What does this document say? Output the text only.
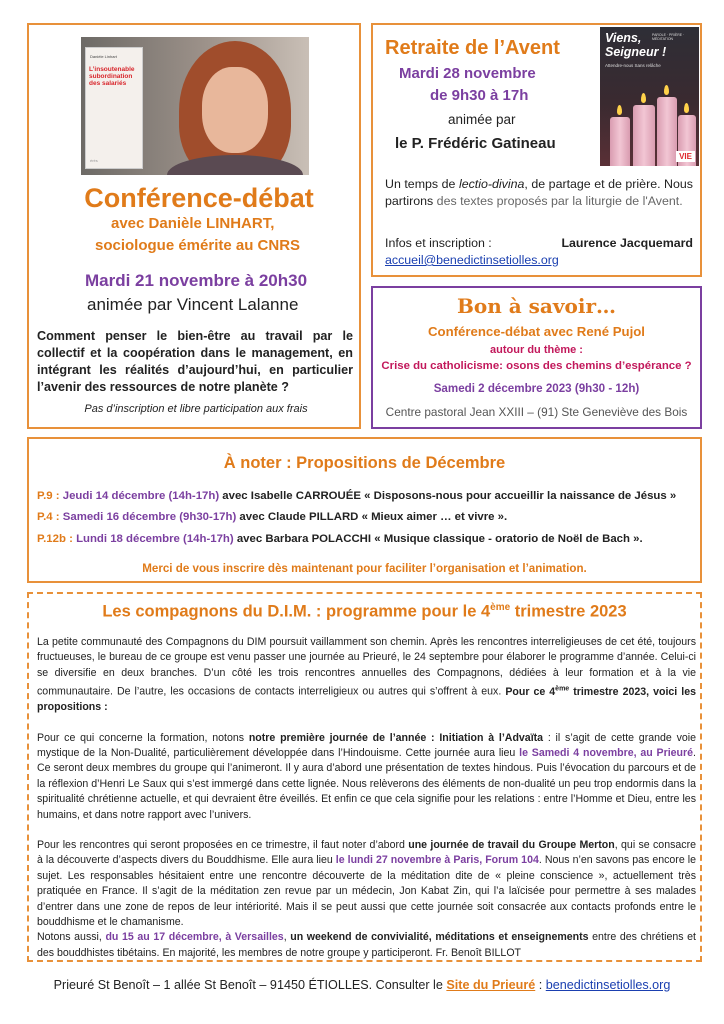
Danièle Linhart
L’insoutenable subordination des salariés
érès
Conférence-débat
avec Danièle LINHART,
sociologue émérite au CNRS
Mardi 21 novembre à 20h30
animée par Vincent Lalanne
Comment penser le bien-être au travail par le collectif et la coopération dans le management, en intégrant les réalités d’aujourd’hui, en particulier l’avenir des ressources de notre planète ?
Pas d’inscription et libre participation aux frais
Retraite de l’Avent
Mardi 28 novembre
de 9h30 à 17h
animée par
le P. Frédéric Gatineau
Viens,
Seigneur !
PAROLE · PRIÈRE · MÉDITATION
Attendre-nous Sans relâche
VIE
Un temps de lectio-divina, de partage et de prière. Nous partirons des textes proposés par la liturgie de l'Avent.
Infos et inscription :	Laurence Jacquemard
accueil@benedictinsetiolles.org
Bon à savoir…
Conférence-débat avec René Pujol
autour du thème :
Crise du catholicisme: osons des chemins d’espérance ?
Samedi 2 décembre 2023 (9h30 - 12h)
Centre pastoral Jean XXIII – (91) Ste Geneviève des Bois
À noter : Propositions de Décembre
P.9 : Jeudi 14 décembre (14h-17h) avec Isabelle CARROUÉE « Disposons-nous pour accueillir la naissance de Jésus »
P.4 : Samedi 16 décembre (9h30-17h) avec Claude PILLARD « Mieux aimer … et vivre ».
P.12b : Lundi 18 décembre (14h-17h) avec Barbara POLACCHI « Musique classique - oratorio de Noël de Bach ».
Merci de vous inscrire dès maintenant pour faciliter l’organisation et l’animation.
Les compagnons du D.I.M. : programme pour le 4ème trimestre 2023

La petite communauté des Compagnons du DIM poursuit vaillamment son chemin. Après les rencontres interreligieuses de cet été, toujours fructueuses, le bureau de ce groupe est venu passer une journée au Prieuré, le 24 septembre pour élaborer le programme d’année. Celui-ci se diversifie en deux branches. D’un côté les trois rencontres annuelles des Compagnons, dédiées à leur formation et à la vie communautaire. De l’autre, les occasions de contacts interreligieux ou autres qui s’offrent à eux. Pour ce 4ème trimestre 2023, voici les propositions :

Pour ce qui concerne la formation, notons notre première journée de l’année : Initiation à l’Advaïta : il s’agit de cette grande voie mystique de la Non-Dualité, particulièrement développée dans l’Hindouisme. Cette journée aura lieu le Samedi 4 novembre, au Prieuré. Ce seront deux membres du groupe qui l’animeront. Il y aura d’abord une présentation de textes hindous. Puis l’évocation du parcours et de la réflexion d’Henri Le Saux qui s’est immergé dans cette lignée. Nous relèverons des éléments de non-dualité un peu trop endormis dans la spiritualité chrétienne actuelle, et qui devraient être éveillés. Et enfin ce que cela signifie pour les relations : entre l’Homme et Dieu, entre les humains, et dans notre rapport avec l’univers.

Pour les rencontres qui seront proposées en ce trimestre, il faut noter d’abord une journée de travail du Groupe Merton, qui se consacre à la découverte d’aspects divers du Bouddhisme. Elle aura lieu le lundi 27 novembre à Paris, Forum 104. Nous n’en savons pas encore le sujet. Les responsables hésitaient entre une rencontre découverte de la méditation dite de « pleine conscience », actuellement très pratiquée en France. Il s’agit de la méditation zen revue par un médecin, Jon Kabat Zin, qui l’a laïcisée pour permettre à ses malades d’entrer dans une zone de repos de leur intériorité. Mais il se peut aussi que cette journée soit consacrée aux contacts profonds entre le bouddhisme et le chamanisme.
Notons aussi, du 15 au 17 décembre, à Versailles, un weekend de convivialité, méditations et enseignements entre des chrétiens et des bouddhistes tibétains. En majorité, les membres de notre groupe y participeront. Fr. Benoît BILLOT

Prieuré St Benoît – 1 allée St Benoît – 91450 ÉTIOLLES. Consulter le Site du Prieuré : benedictinsetiolles.org
